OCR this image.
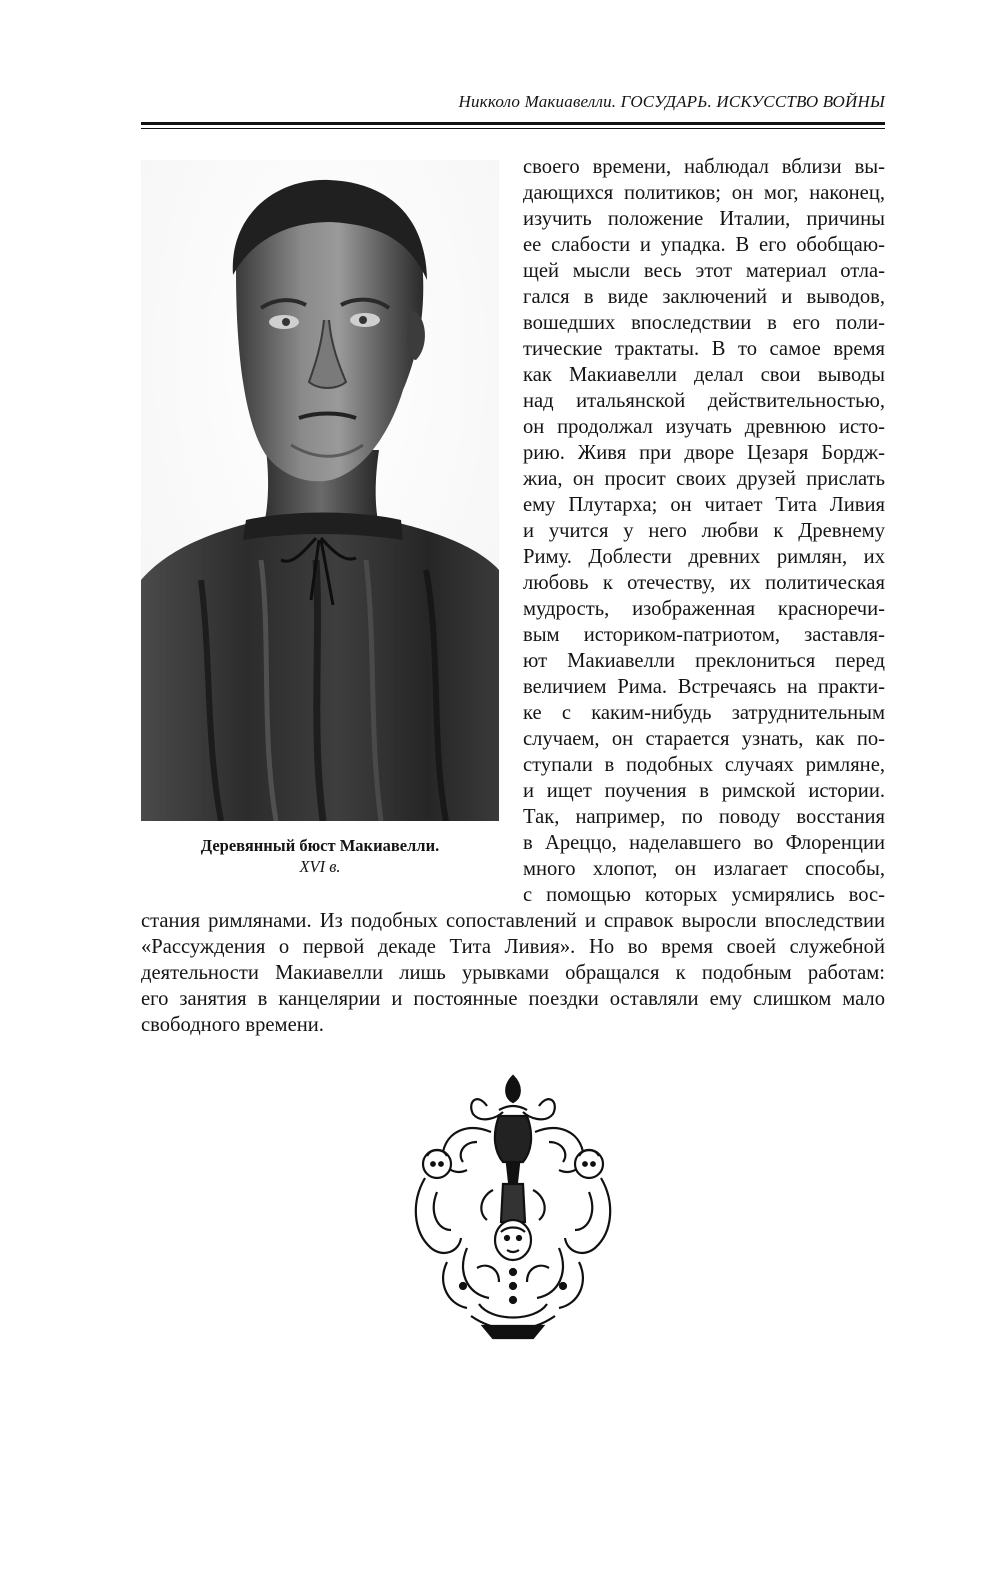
Никколо Макиавелли. ГОСУДАРЬ. ИСКУССТВО ВОЙНЫ
Деревянный бюст Макиавелли.
XVI в.
своего времени, наблюдал вблизи вы-
дающихся политиков; он мог, наконец,
изучить положение Италии, причины
ее слабости и упадка. В его обобщаю-
щей мысли весь этот материал отла-
гался в виде заключений и выводов,
вошедших впоследствии в его поли-
тические трактаты. В то самое время
как Макиавелли делал свои выводы
над итальянской действительностью,
он продолжал изучать древнюю исто-
рию. Живя при дворе Цезаря Бордж-
жиа, он просит своих друзей прислать
ему Плутарха; он читает Тита Ливия
и учится у него любви к Древнему
Риму. Доблести древних римлян, их
любовь к отечеству, их политическая
мудрость, изображенная красноречи-
вым историком-патриотом, заставля-
ют Макиавелли преклониться перед
величием Рима. Встречаясь на практи-
ке с каким-нибудь затруднительным
случаем, он старается узнать, как по-
ступали в подобных случаях римляне,
и ищет поучения в римской истории.
Так, например, по поводу восстания
в Ареццо, наделавшего во Флоренции
много хлопот, он излагает способы,
с помощью которых усмирялись вос-
стания римлянами. Из подобных сопоставлений и справок выросли впоследствии
«Рассуждения о первой декаде Тита Ливия». Но во время своей служебной
деятельности Макиавелли лишь урывками обращался к подобным работам:
его занятия в канцелярии и постоянные поездки оставляли ему слишком мало
свободного времени.
